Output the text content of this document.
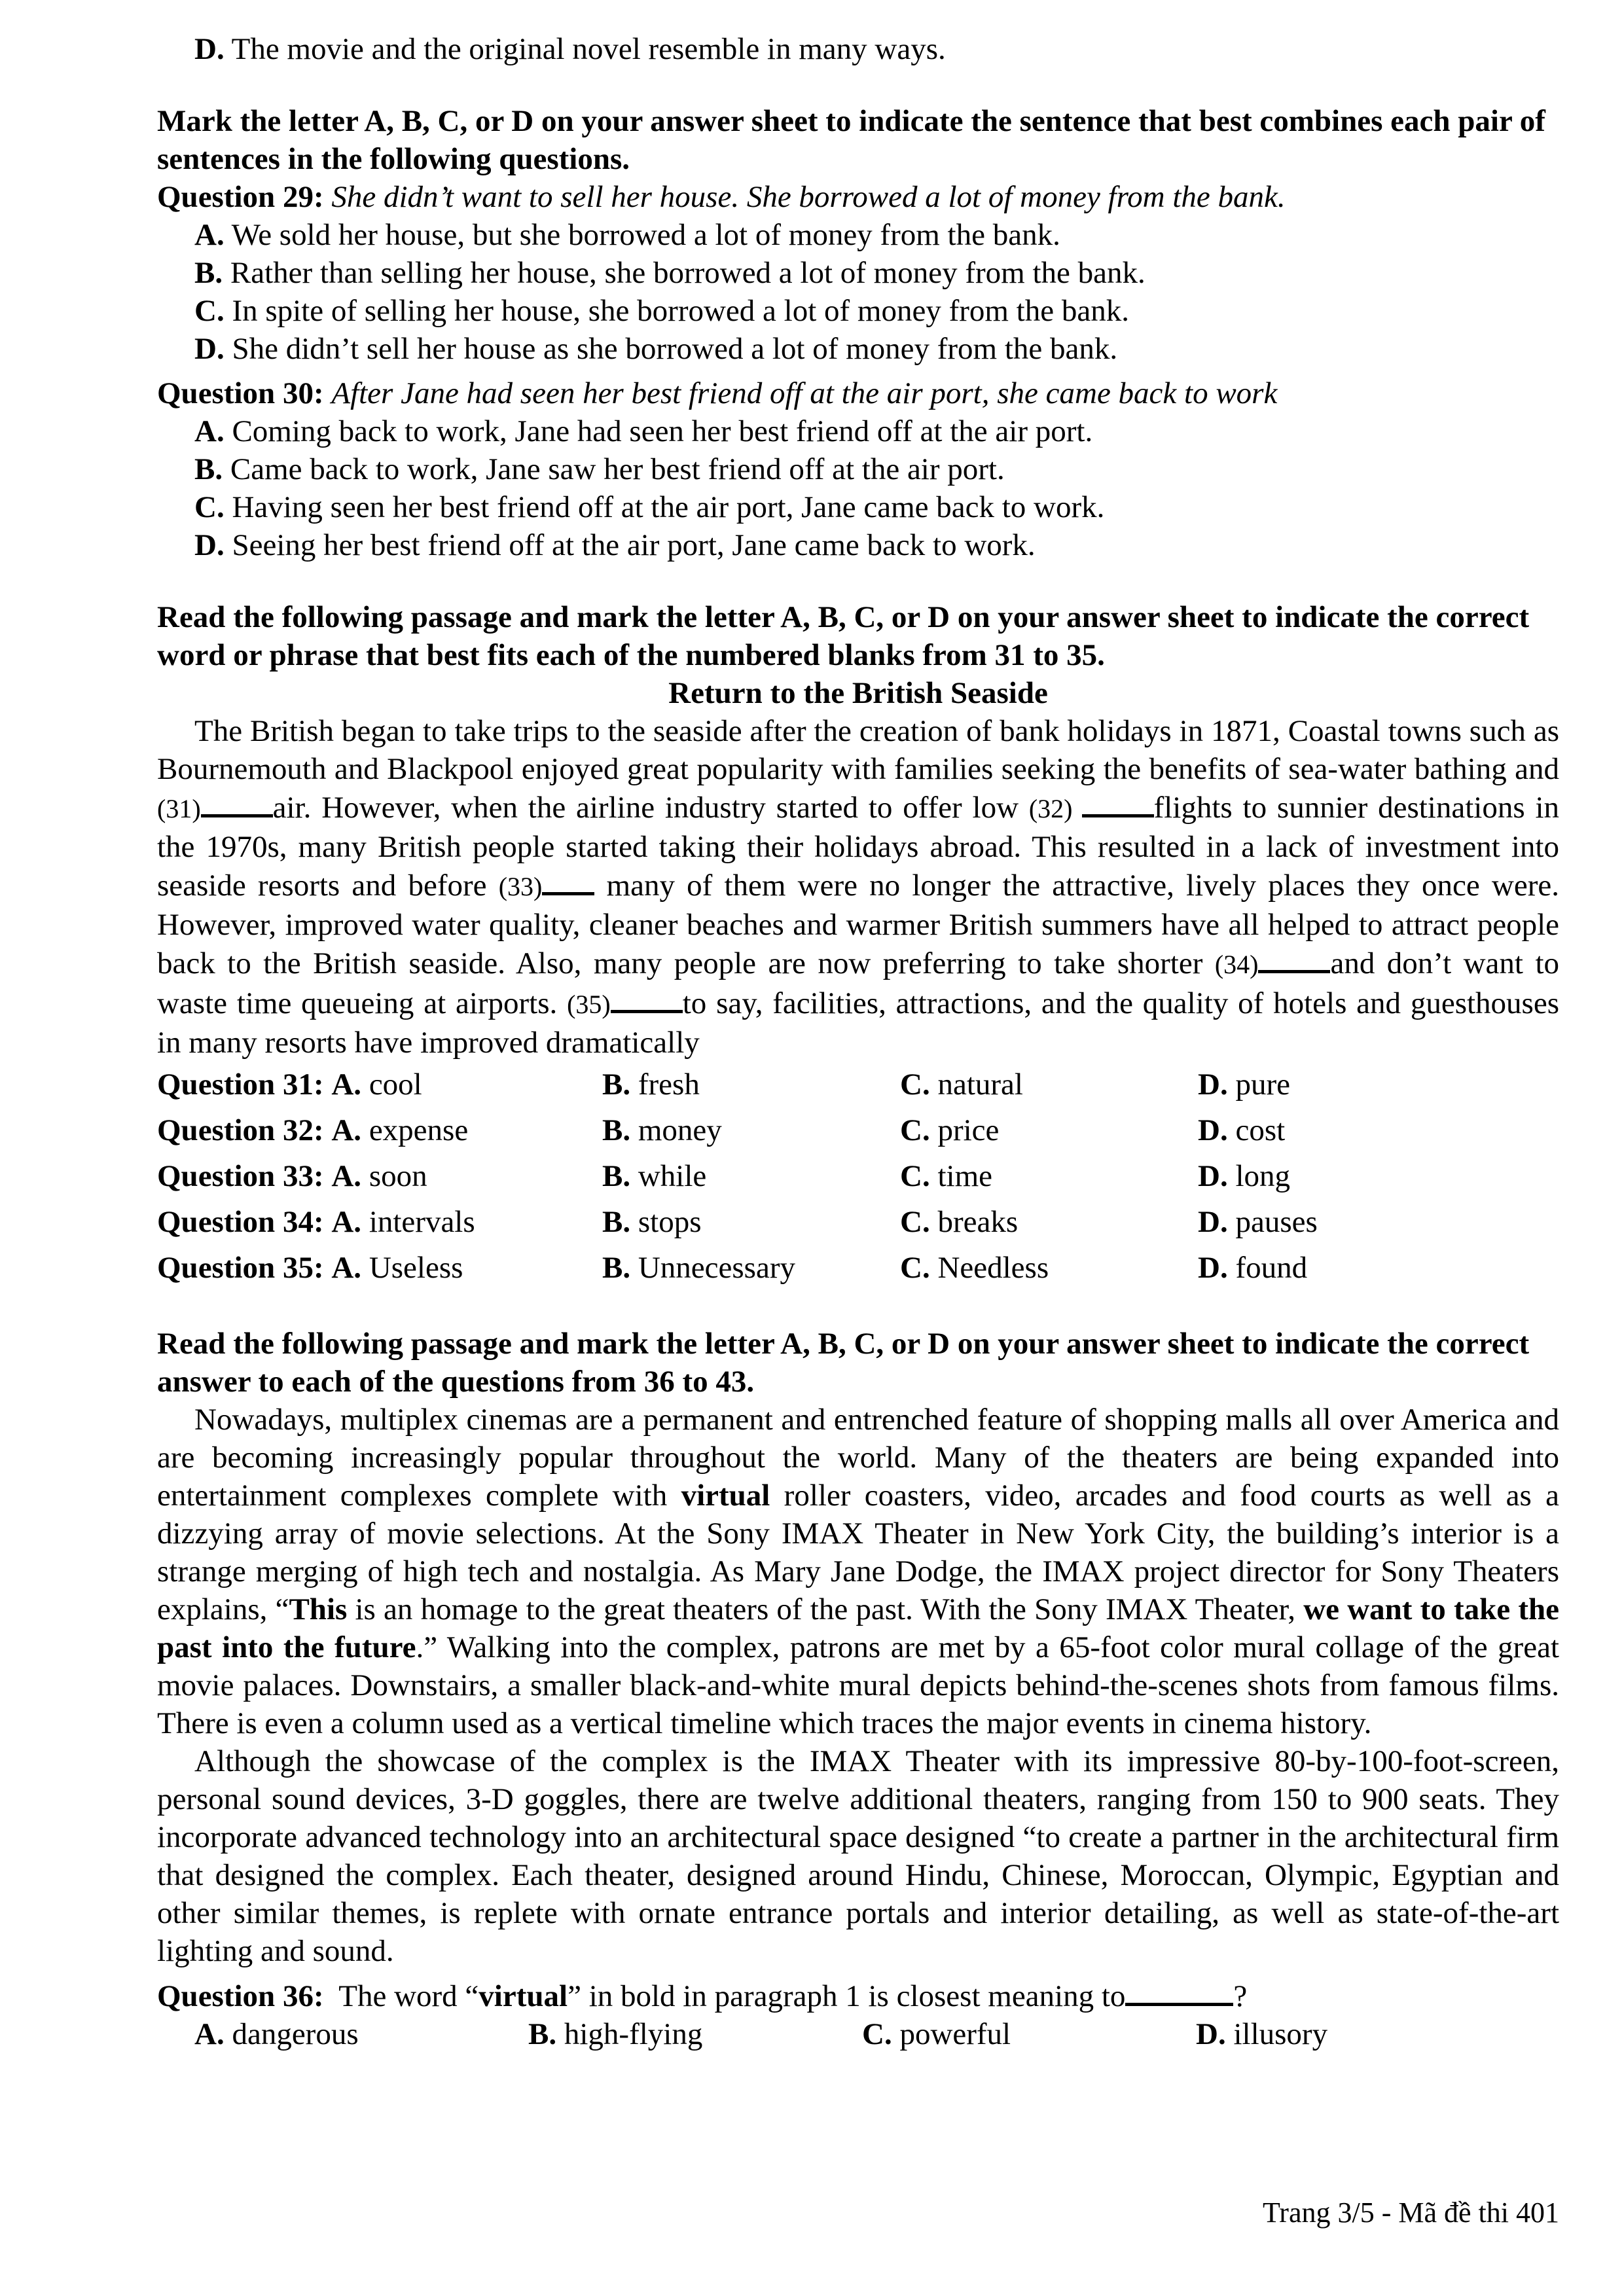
D. The movie and the original novel resemble in many ways.
Mark the letter A, B, C, or D on your answer sheet to indicate the sentence that best combines each pair of sentences in the following questions.
Question 29: She didn’t want to sell her house. She borrowed a lot of money from the bank.
A. We sold her house, but she borrowed a lot of money from the bank.
B. Rather than selling her house, she borrowed a lot of money from the bank.
C. In spite of selling her house, she borrowed a lot of money from the bank.
D. She didn’t sell her house as she borrowed a lot of money from the bank.
Question 30: After Jane had seen her best friend off at the air port, she came back to work
A. Coming back to work, Jane had seen her best friend off at the air port.
B. Came back to work, Jane saw her best friend off at the air port.
C. Having seen her best friend off at the air port, Jane came back to work.
D. Seeing her best friend off at the air port, Jane came back to work.
Read the following passage and mark the letter A, B, C, or D on your answer sheet to indicate the correct word or phrase that best fits each of the numbered blanks from 31 to 35.
Return to the British Seaside
The British began to take trips to the seaside after the creation of bank holidays in 1871, Coastal towns such as Bournemouth and Blackpool enjoyed great popularity with families seeking the benefits of sea-water bathing and (31) air. However, when the airline industry started to offer low (32) flights to sunnier destinations in the 1970s, many British people started taking their holidays abroad. This resulted in a lack of investment into seaside resorts and before (33) many of them were no longer the attractive, lively places they once were. However, improved water quality, cleaner beaches and warmer British summers have all helped to attract people back to the British seaside. Also, many people are now preferring to take shorter (34) and don’t want to waste time queueing at airports. (35) to say, facilities, attractions, and the quality of hotels and guesthouses in many resorts have improved dramatically
Question 31: A. cool	B. fresh	C. natural	D. pure
Question 32: A. expense	B. money	C. price	D. cost
Question 33: A. soon	B. while	C. time	D. long
Question 34: A. intervals	B. stops	C. breaks	D. pauses
Question 35: A. Useless	B. Unnecessary	C. Needless	D. found
Read the following passage and mark the letter A, B, C, or D on your answer sheet to indicate the correct answer to each of the questions from 36 to 43.
Nowadays, multiplex cinemas are a permanent and entrenched feature of shopping malls all over America and are becoming increasingly popular throughout the world. Many of the theaters are being expanded into entertainment complexes complete with virtual roller coasters, video, arcades and food courts as well as a dizzying array of movie selections. At the Sony IMAX Theater in New York City, the building’s interior is a strange merging of high tech and nostalgia. As Mary Jane Dodge, the IMAX project director for Sony Theaters explains, “This is an homage to the great theaters of the past. With the Sony IMAX Theater, we want to take the past into the future.” Walking into the complex, patrons are met by a 65-foot color mural collage of the great movie palaces. Downstairs, a smaller black-and-white mural depicts behind-the-scenes shots from famous films. There is even a column used as a vertical timeline which traces the major events in cinema history.
Although the showcase of the complex is the IMAX Theater with its impressive 80-by-100-foot-screen, personal sound devices, 3-D goggles, there are twelve additional theaters, ranging from 150 to 900 seats. They incorporate advanced technology into an architectural space designed “to create a partner in the architectural firm that designed the complex. Each theater, designed around Hindu, Chinese, Moroccan, Olympic, Egyptian and other similar themes, is replete with ornate entrance portals and interior detailing, as well as state-of-the-art lighting and sound.
Question 36:  The word “virtual” in bold in paragraph 1 is closest meaning to	?
A. dangerous	B. high-flying	C. powerful	D. illusory
Trang 3/5 - Mã đề thi 401
